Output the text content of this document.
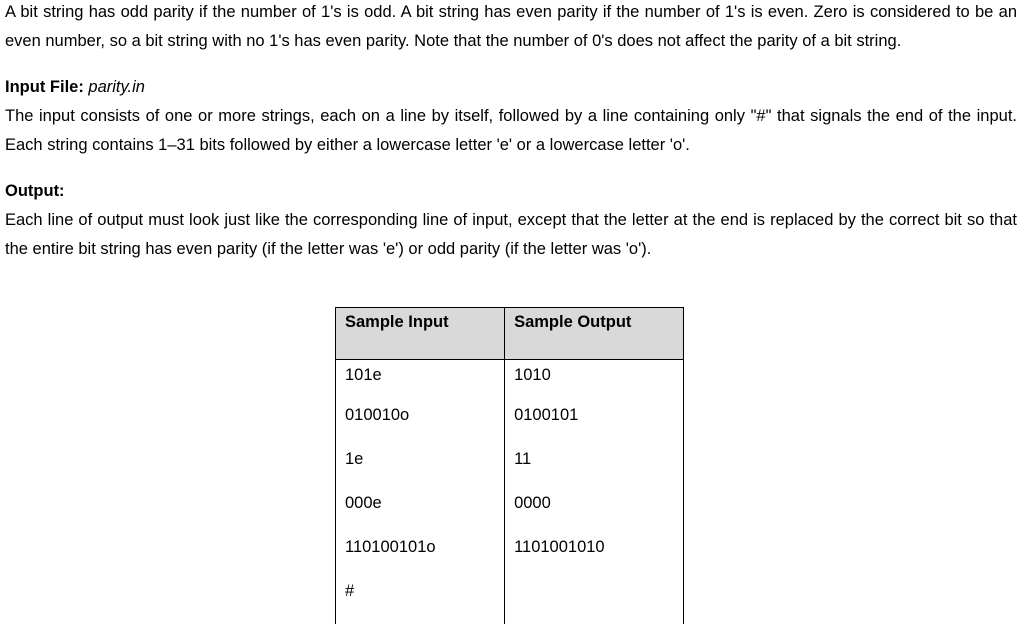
A bit string has odd parity if the number of 1's is odd. A bit string has even parity if the number of 1's is even. Zero is considered to be an even number, so a bit string with no 1's has even parity. Note that the number of 0's does not affect the parity of a bit string.

Input File: parity.in

The input consists of one or more strings, each on a line by itself, followed by a line containing only "#" that signals the end of the input. Each string contains 1–31 bits followed by either a lowercase letter 'e' or a lowercase letter 'o'.

Output:

Each line of output must look just like the corresponding line of input, except that the letter at the end is replaced by the correct bit so that the entire bit string has even parity (if the letter was 'e') or odd parity (if the letter was 'o').

Sample Input	Sample Output
101e	1010
010010o	0100101
1e	11
000e	0000
110100101o	1101001010
#	
